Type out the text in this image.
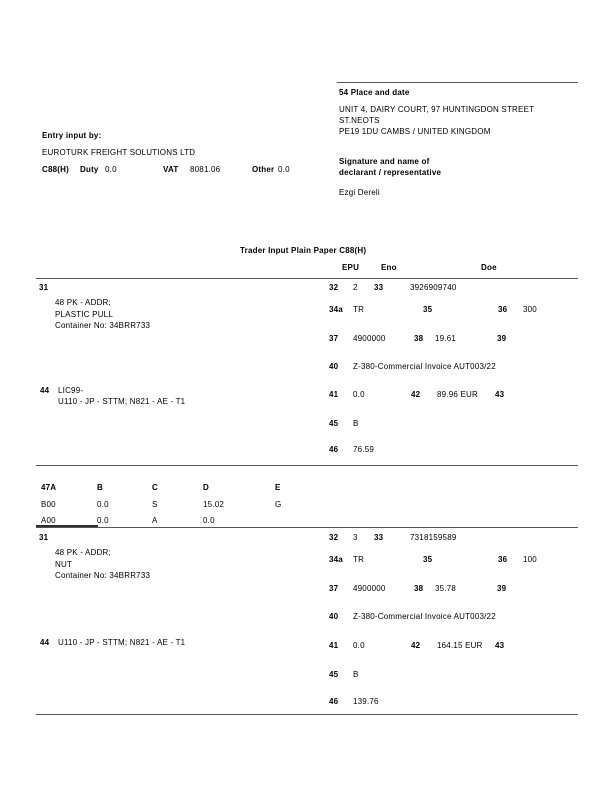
54 Place and date
UNIT 4, DAIRY COURT, 97 HUNTINGDON STREET
ST.NEOTS
PE19 1DU CAMBS / UNITED KINGDOM
Entry input by:
EUROTURK FREIGHT SOLUTIONS LTD
C88(H) Duty 0.0	VAT 8081.06	Other 0.0
Signature and name of
declarant / representative
Ezgi Dereli
Trader Input Plain Paper C88(H)
EPU	Eno	Doe
31
48 PK - ADDR;
PLASTIC PULL
Container No: 34BRR733
32 2 33	3926909740
34a TR	35	36 300
37 4900000	38 19.61	39
40 Z-380-Commercial Invoice AUT003/22
44 LIC99-
U110 - JP - STTM; N821 - AE - T1
41 0.0	42 89.96 EUR 43
45 B
46 76.59
47A	B	C	D	E
B00	0.0	S	15.02	G
A00	0.0	A	0.0
31
48 PK - ADDR;
NUT
Container No: 34BRR733
32 3 33	7318159589
34a TR	35	36 100
37 4900000	38 35.78	39
40 Z-380-Commercial Invoice AUT003/22
44 U110 - JP - STTM; N821 - AE - T1	41 0.0	42 164.15 EUR 43
45 B
46 139.76
